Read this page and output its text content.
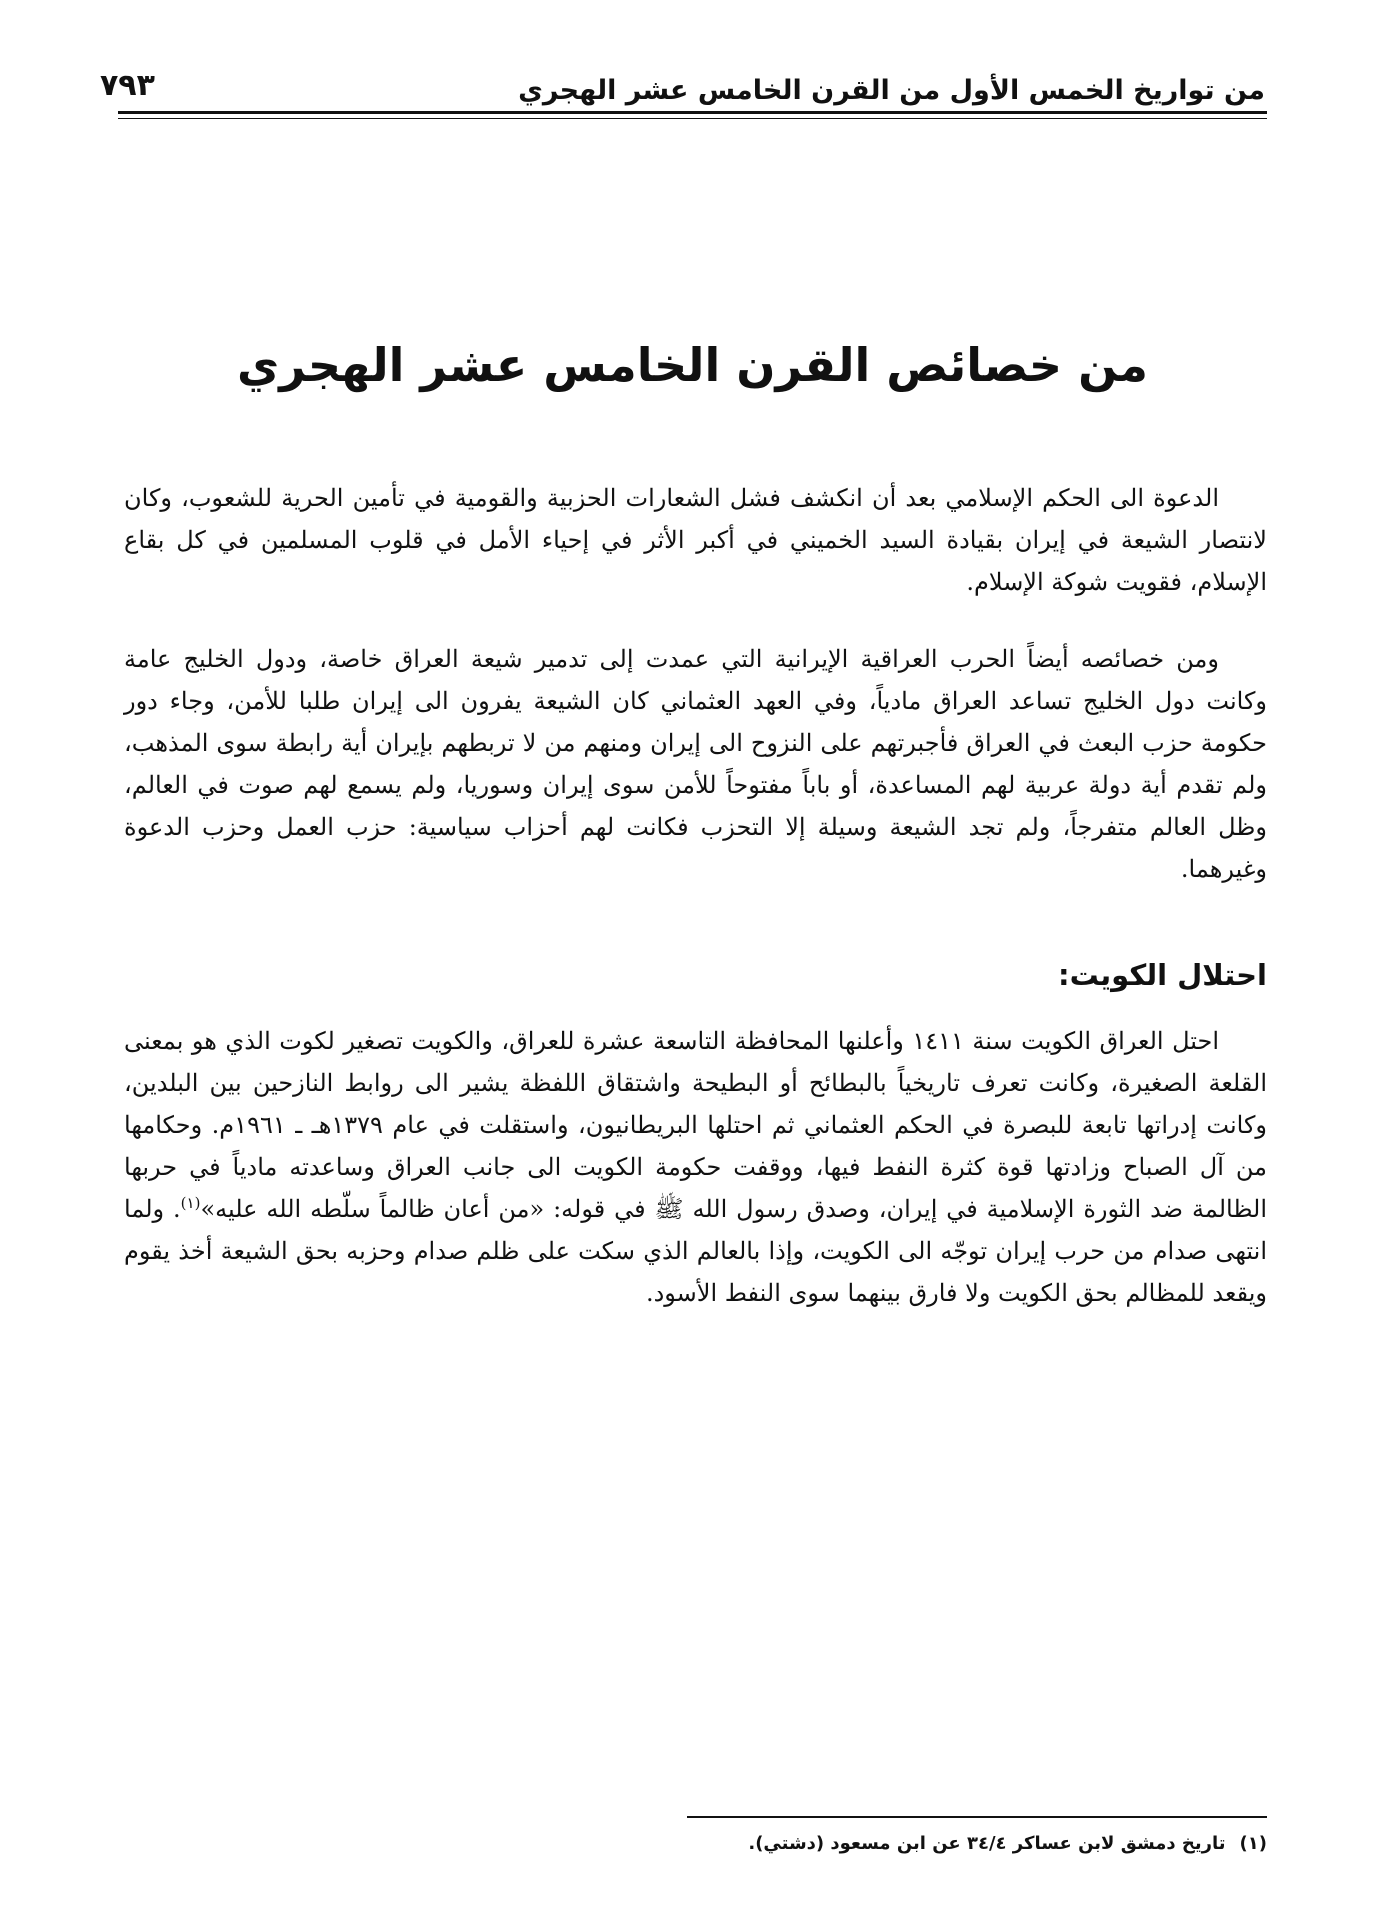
من تواريخ الخمس الأول من القرن الخامس عشر الهجري
٧٩٣
من خصائص القرن الخامس عشر الهجري

الدعوة الى الحكم الإسلامي بعد أن انكشف فشل الشعارات الحزبية والقومية في تأمين الحرية للشعوب، وكان لانتصار الشيعة في إيران بقيادة السيد الخميني في أكبر الأثر في إحياء الأمل في قلوب المسلمين في كل بقاع الإسلام، فقويت شوكة الإسلام.

ومن خصائصه أيضاً الحرب العراقية الإيرانية التي عمدت إلى تدمير شيعة العراق خاصة، ودول الخليج عامة وكانت دول الخليج تساعد العراق مادياً، وفي العهد العثماني كان الشيعة يفرون الى إيران طلبا للأمن، وجاء دور حكومة حزب البعث في العراق فأجبرتهم على النزوح الى إيران ومنهم من لا تربطهم بإيران أية رابطة سوى المذهب، ولم تقدم أية دولة عربية لهم المساعدة، أو باباً مفتوحاً للأمن سوى إيران وسوريا، ولم يسمع لهم صوت في العالم، وظل العالم متفرجاً، ولم تجد الشيعة وسيلة إلا التحزب فكانت لهم أحزاب سياسية: حزب العمل وحزب الدعوة وغيرهما.

احتلال الكويت:

احتل العراق الكويت سنة ١٤١١ وأعلنها المحافظة التاسعة عشرة للعراق، والكويت تصغير لكوت الذي هو بمعنى القلعة الصغيرة، وكانت تعرف تاريخياً بالبطائح أو البطيحة واشتقاق اللفظة يشير الى روابط النازحين بين البلدين، وكانت إدراتها تابعة للبصرة في الحكم العثماني ثم احتلها البريطانيون، واستقلت في عام ١٣٧٩هـ ـ ١٩٦١م. وحكامها من آل الصباح وزادتها قوة كثرة النفط فيها، ووقفت حكومة الكويت الى جانب العراق وساعدته مادياً في حربها الظالمة ضد الثورة الإسلامية في إيران، وصدق رسول الله ﷺ في قوله: «من أعان ظالماً سلّطه الله عليه»$^{(١)}$. ولما انتهى صدام من حرب إيران توجّه الى الكويت، وإذا بالعالم الذي سكت على ظلم صدام وحزبه بحق الشيعة أخذ يقوم ويقعد للمظالم بحق الكويت ولا فارق بينهما سوى النفط الأسود.

(١)تاريخ دمشق لابن عساكر ٣٤/٤ عن ابن مسعود (دشتي).
